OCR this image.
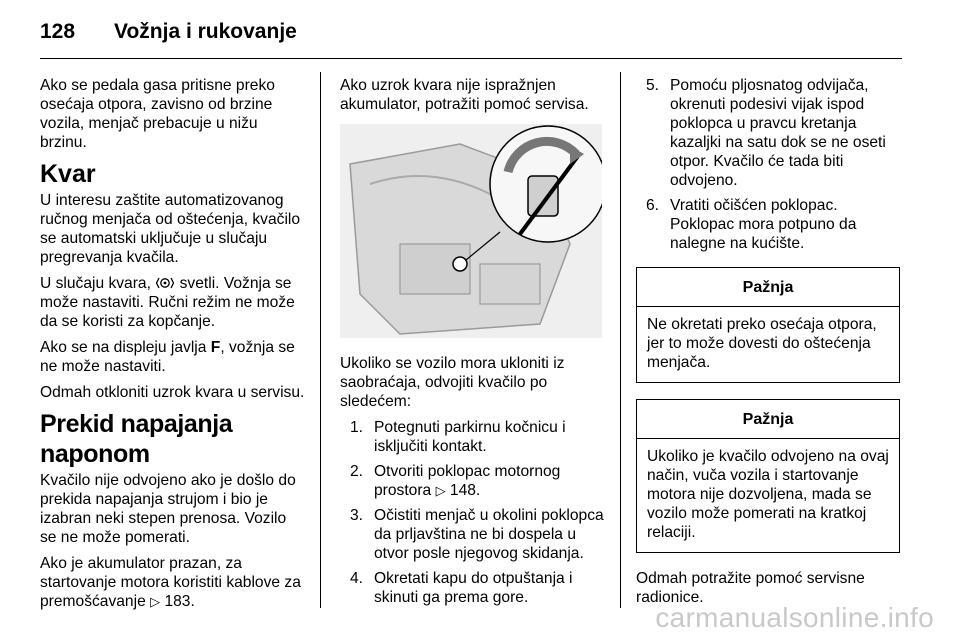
128 Vožnja i rukovanje

Ako se pedala gasa pritisne preko osećaja otpora, zavisno od brzine vozila, menjač prebacuje u nižu brzinu.

Kvar

U interesu zaštite automatizovanog ručnog menjača od oštećenja, kvačilo se automatski uključuje u slučaju pregrevanja kvačila.

U slučaju kvara, svetli. Vožnja se može nastaviti. Ručni režim ne može da se koristi za kopčanje.

Ako se na displeju javlja F, vožnja se ne može nastaviti.

Odmah otkloniti uzrok kvara u servisu.

Prekid napajanja naponom

Kvačilo nije odvojeno ako je došlo do prekida napajanja strujom i bio je izabran neki stepen prenosa. Vozilo se ne može pomerati.

Ako je akumulator prazan, za startovanje motora koristiti kablove za premošćavanje ▷ 183.

Ako uzrok kvara nije ispražnjen akumulator, potražiti pomoć servisa.

Ukoliko se vozilo mora ukloniti iz saobraćaja, odvojiti kvačilo po sledećem:

1. Potegnuti parkirnu kočnicu i isključiti kontakt.
2. Otvoriti poklopac motornog prostora ▷ 148.
3. Očistiti menjač u okolini poklopca da prljavština ne bi dospela u otvor posle njegovog skidanja.
4. Okretati kapu do otpuštanja i skinuti ga prema gore.
5. Pomoću pljosnatog odvijača, okrenuti podesivi vijak ispod poklopca u pravcu kretanja kazaljki na satu dok se ne oseti otpor. Kvačilo će tada biti odvojeno.
6. Vratiti očišćen poklopac. Poklopac mora potpuno da nalegne na kućište.
Pažnja
Ne okretati preko osećaja otpora, jer to može dovesti do oštećenja menjača.
Pažnja
Ukoliko je kvačilo odvojeno na ovaj način, vuča vozila i startovanje motora nije dozvoljena, mada se vozilo može pomerati na kratkoj relaciji.

Odmah potražite pomoć servisne radionice.

carmanualsonline.info
